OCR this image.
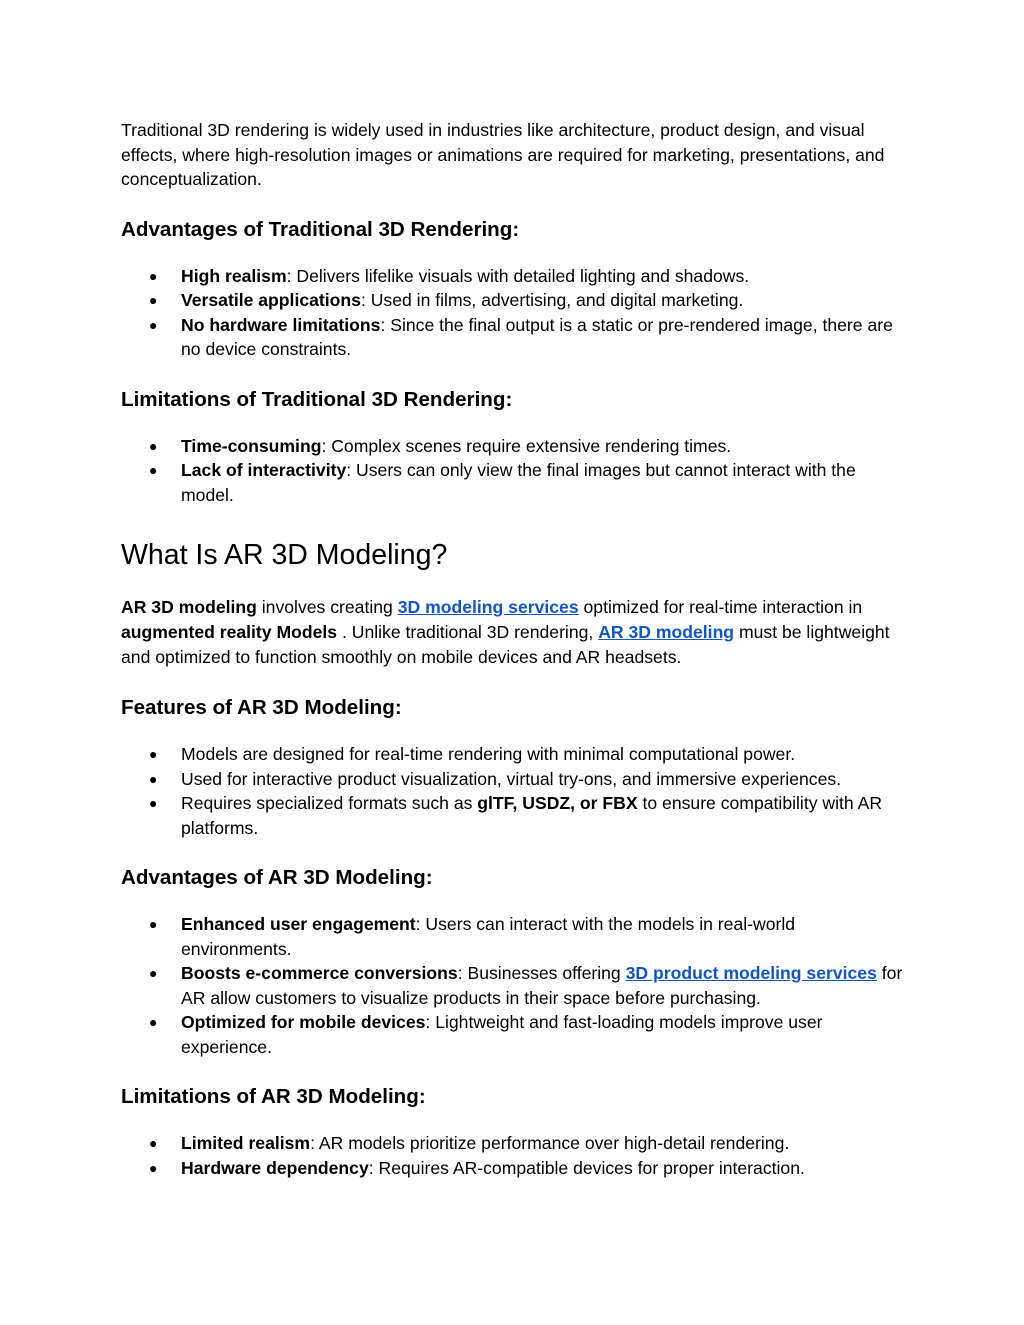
Traditional 3D rendering is widely used in industries like architecture, product design, and visual effects, where high-resolution images or animations are required for marketing, presentations, and conceptualization.

Advantages of Traditional 3D Rendering:
● High realism: Delivers lifelike visuals with detailed lighting and shadows.
● Versatile applications: Used in films, advertising, and digital marketing.
● No hardware limitations: Since the final output is a static or pre-rendered image, there are no device constraints.
Limitations of Traditional 3D Rendering:
● Time-consuming: Complex scenes require extensive rendering times.
● Lack of interactivity: Users can only view the final images but cannot interact with the model.
What Is AR 3D Modeling?

AR 3D modeling involves creating 3D modeling services optimized for real-time interaction in augmented reality Models . Unlike traditional 3D rendering, AR 3D modeling must be lightweight and optimized to function smoothly on mobile devices and AR headsets.

Features of AR 3D Modeling:
● Models are designed for real-time rendering with minimal computational power.
● Used for interactive product visualization, virtual try-ons, and immersive experiences.
● Requires specialized formats such as glTF, USDZ, or FBX to ensure compatibility with AR platforms.
Advantages of AR 3D Modeling:
● Enhanced user engagement: Users can interact with the models in real-world environments.
● Boosts e-commerce conversions: Businesses offering 3D product modeling services for AR allow customers to visualize products in their space before purchasing.
● Optimized for mobile devices: Lightweight and fast-loading models improve user experience.
Limitations of AR 3D Modeling:
● Limited realism: AR models prioritize performance over high-detail rendering.
● Hardware dependency: Requires AR-compatible devices for proper interaction.
